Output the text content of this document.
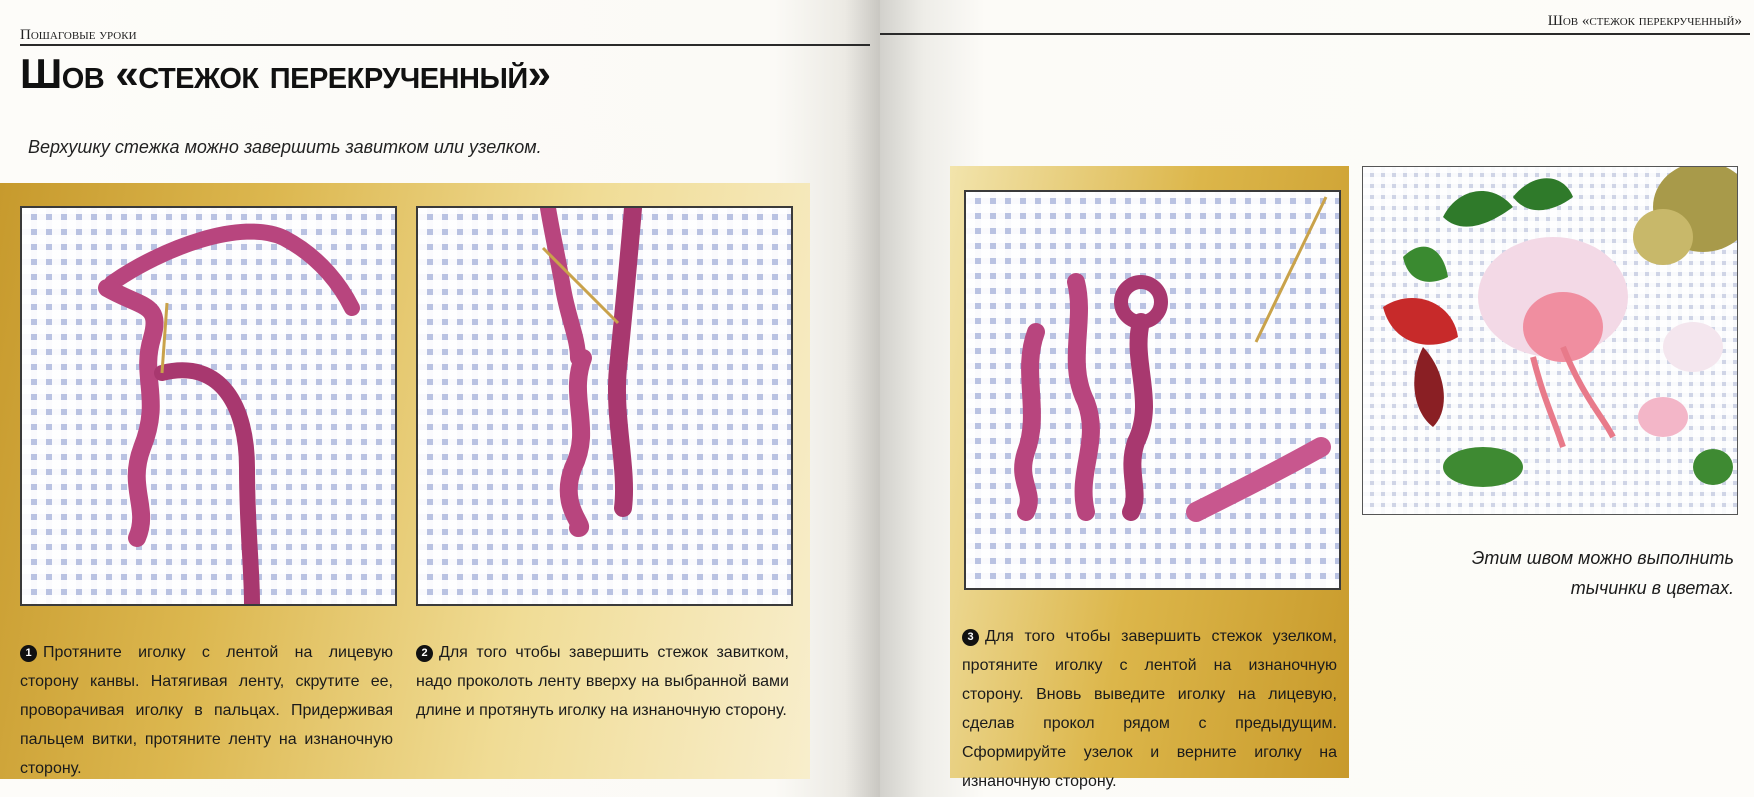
Пошаговые уроки
Шов «стежок перекрученный»
Шов «стежок перекрученный»
Верхушку стежка можно завершить завитком или узелком.

1 Протяните иголку с лентой на лицевую сторону канвы. Натягивая ленту, скрутите ее, проворачивая иголку в пальцах. Придерживая пальцем витки, протяните ленту на изнаночную сторону.

2 Для того чтобы завершить стежок завитком, надо проколоть ленту вверху на выбранной вами длине и протянуть иголку на изнаночную сторону.

3 Для того чтобы завершить стежок узелком, протяните иголку с лентой на изнаночную сторону. Вновь выведите иголку на лицевую, сделав прокол рядом с предыдущим. Сформируйте узелок и верните иголку на изнаночную сторону.

Этим швом можно выполнить тычинки в цветах.
